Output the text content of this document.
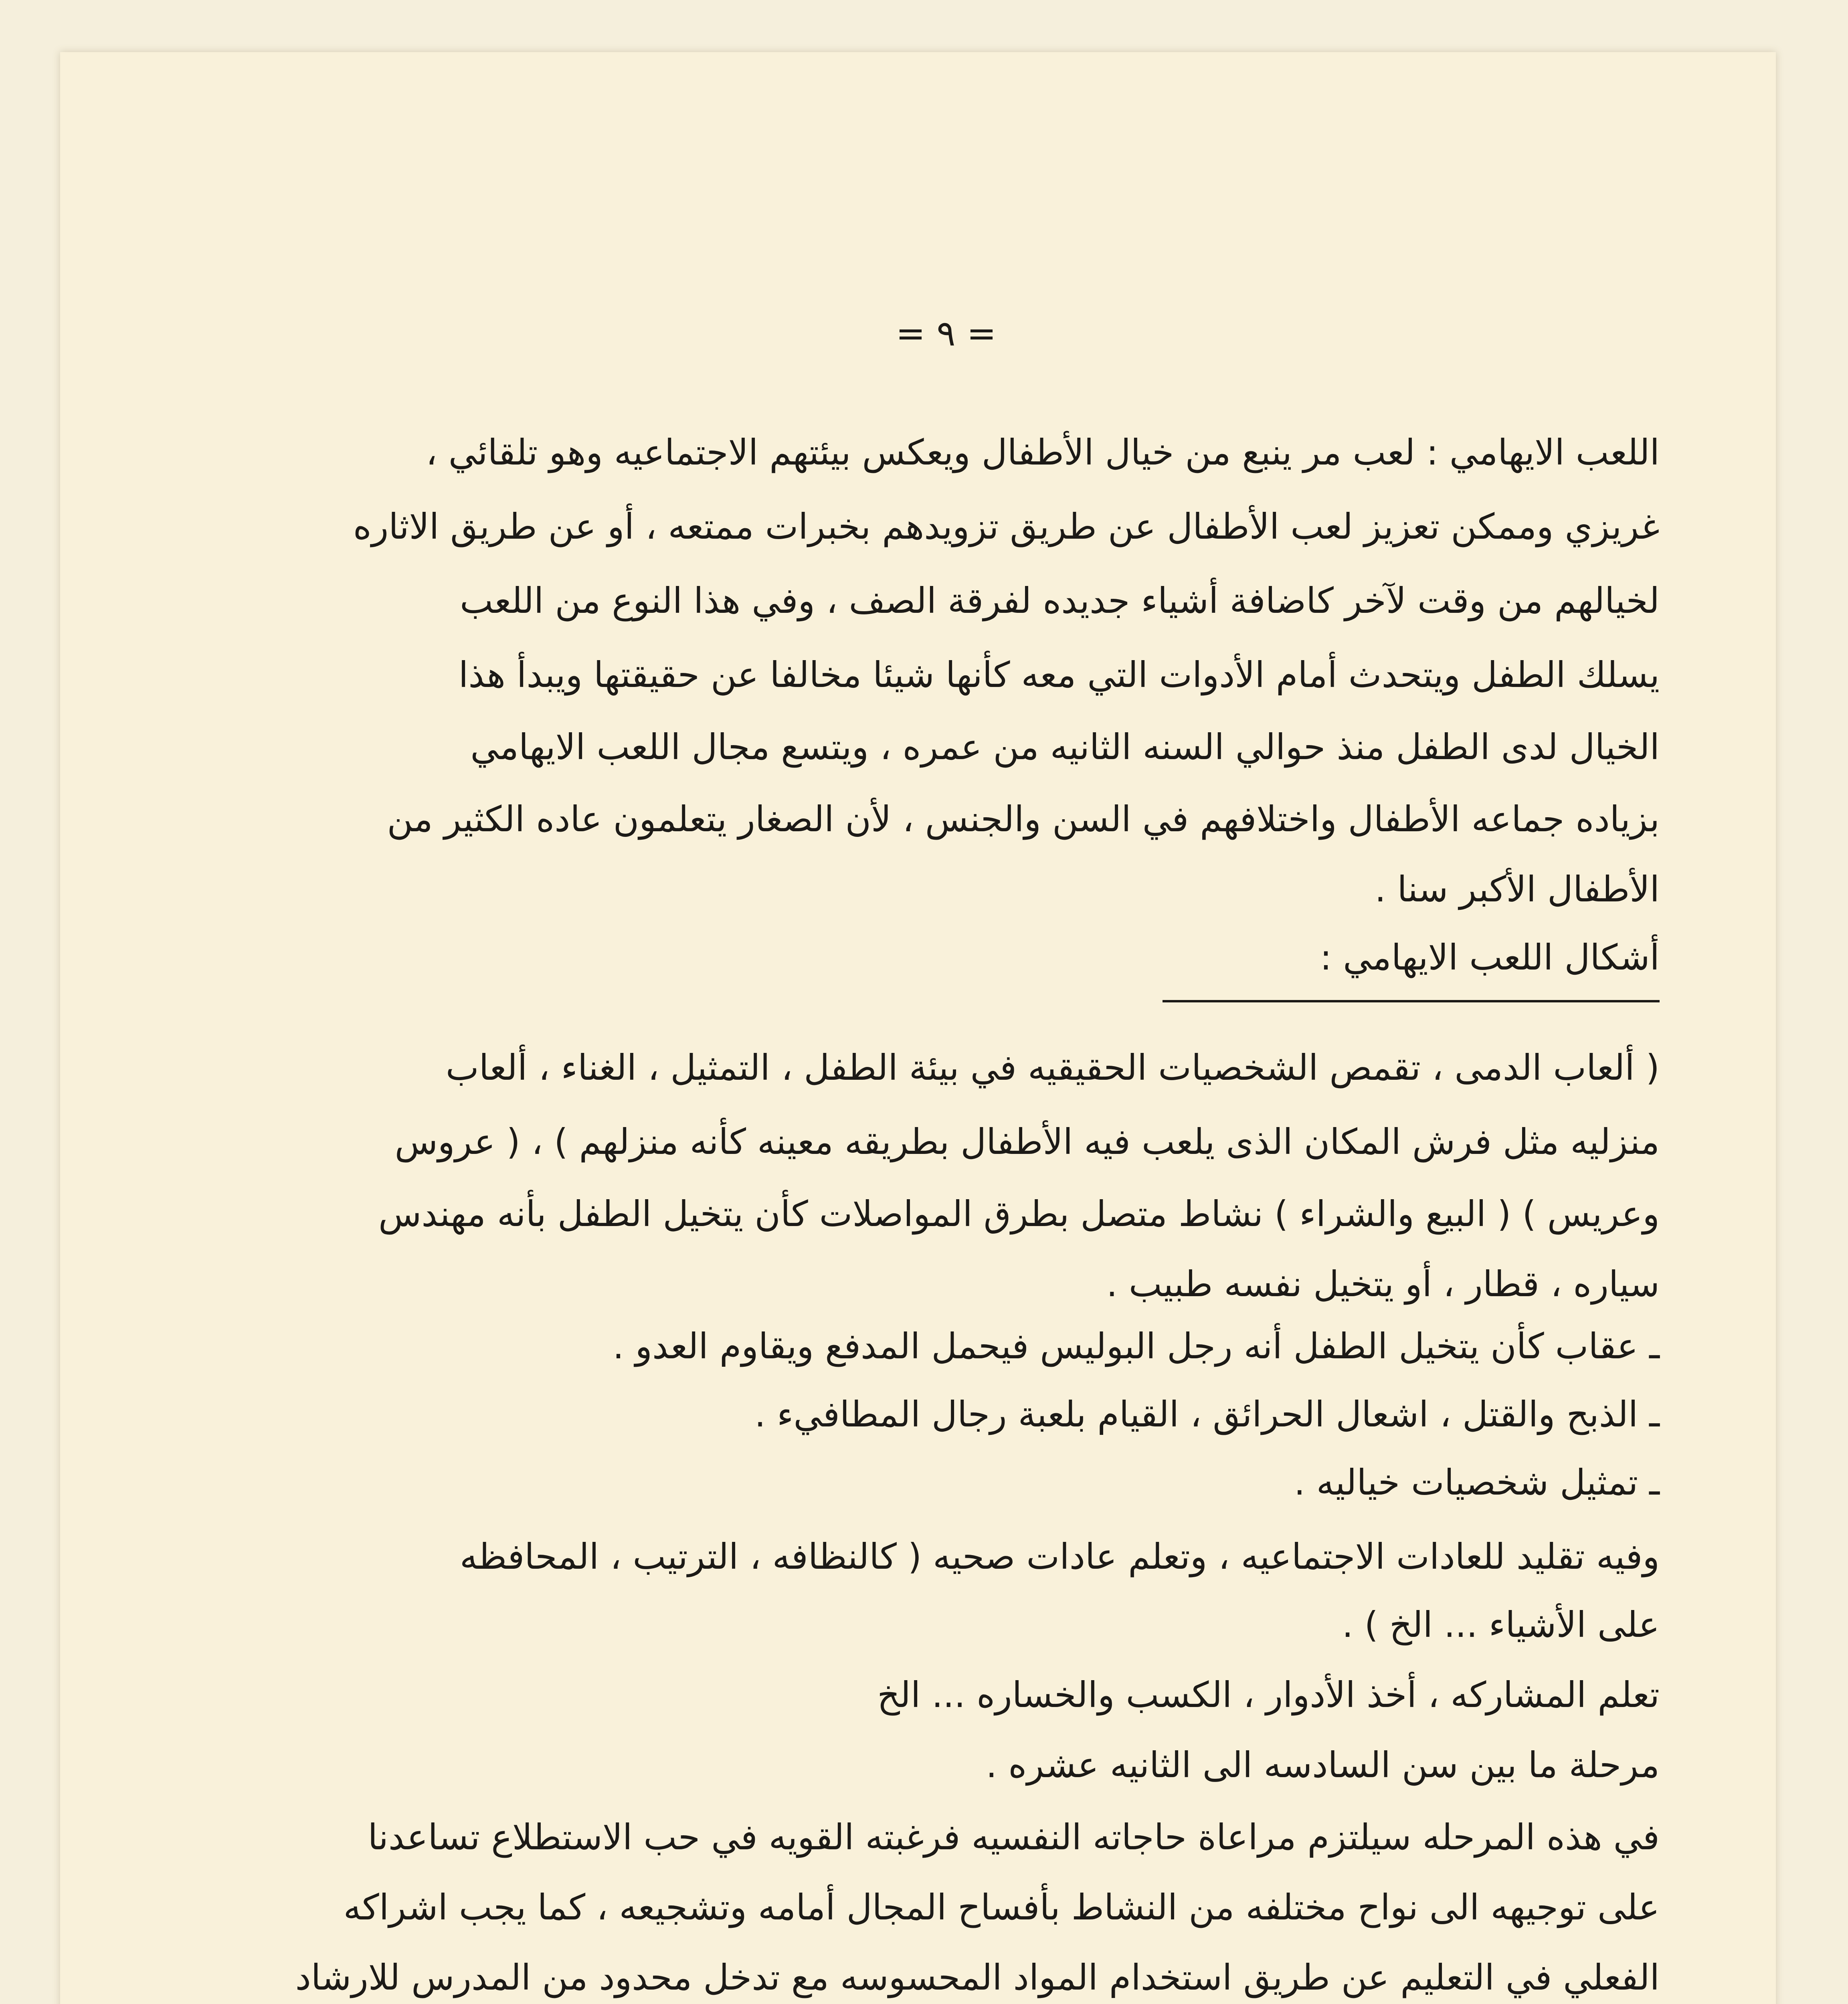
= ٩ =
اللعب الايهامي : لعب مر ينبع من خيال الأطفال ويعكس بيئتهم الاجتماعيه وهو تلقائي ،
غريزي وممكن تعزيز لعب الأطفال عن طريق تزويدهم بخبرات ممتعه ، أو عن طريق الاثاره
لخيالهم من وقت لآخر كاضافة أشياء جديده لفرقة الصف ، وفي هذا النوع من اللعب
يسلك الطفل ويتحدث أمام الأدوات التي معه كأنها شيئا مخالفا عن حقيقتها ويبدأ هذا
الخيال لدى الطفل منذ حوالي السنه الثانيه من عمره ، ويتسع مجال اللعب الايهامي
بزياده جماعه الأطفال واختلافهم في السن والجنس ، لأن الصغار يتعلمون عاده الكثير من
الأطفال الأكبر سنا .
أشكال اللعب الايهامي :
( ألعاب الدمى ، تقمص الشخصيات الحقيقيه في بيئة الطفل ، التمثيل ، الغناء ، ألعاب
منزليه مثل فرش المكان الذى يلعب فيه الأطفال بطريقه معينه كأنه منزلهم ) ، ( عروس
وعريس ) ( البيع والشراء ) نشاط متصل بطرق المواصلات كأن يتخيل الطفل بأنه مهندس
سياره ، قطار ، أو يتخيل نفسه طبيب .
ـ عقاب كأن يتخيل الطفل أنه رجل البوليس فيحمل المدفع ويقاوم العدو .
ـ الذبح والقتل ، اشعال الحرائق ، القيام بلعبة رجال المطافيء .
ـ تمثيل شخصيات خياليه .
وفيه تقليد للعادات الاجتماعيه ، وتعلم عادات صحيه ( كالنظافه ، الترتيب ، المحافظه
على الأشياء ... الخ ) .
تعلم المشاركه ، أخذ الأدوار ، الكسب والخساره ... الخ
مرحلة ما بين سن السادسه الى الثانيه عشره .
في هذه المرحله سيلتزم مراعاة حاجاته النفسيه فرغبته القويه في حب الاستطلاع تساعدنا
على توجيهه الى نواح مختلفه من النشاط بأفساح المجال أمامه وتشجيعه ، كما يجب اشراكه
الفعلي في التعليم عن طريق استخدام المواد المحسوسه مع تدخل محدود من المدرس للارشاد
